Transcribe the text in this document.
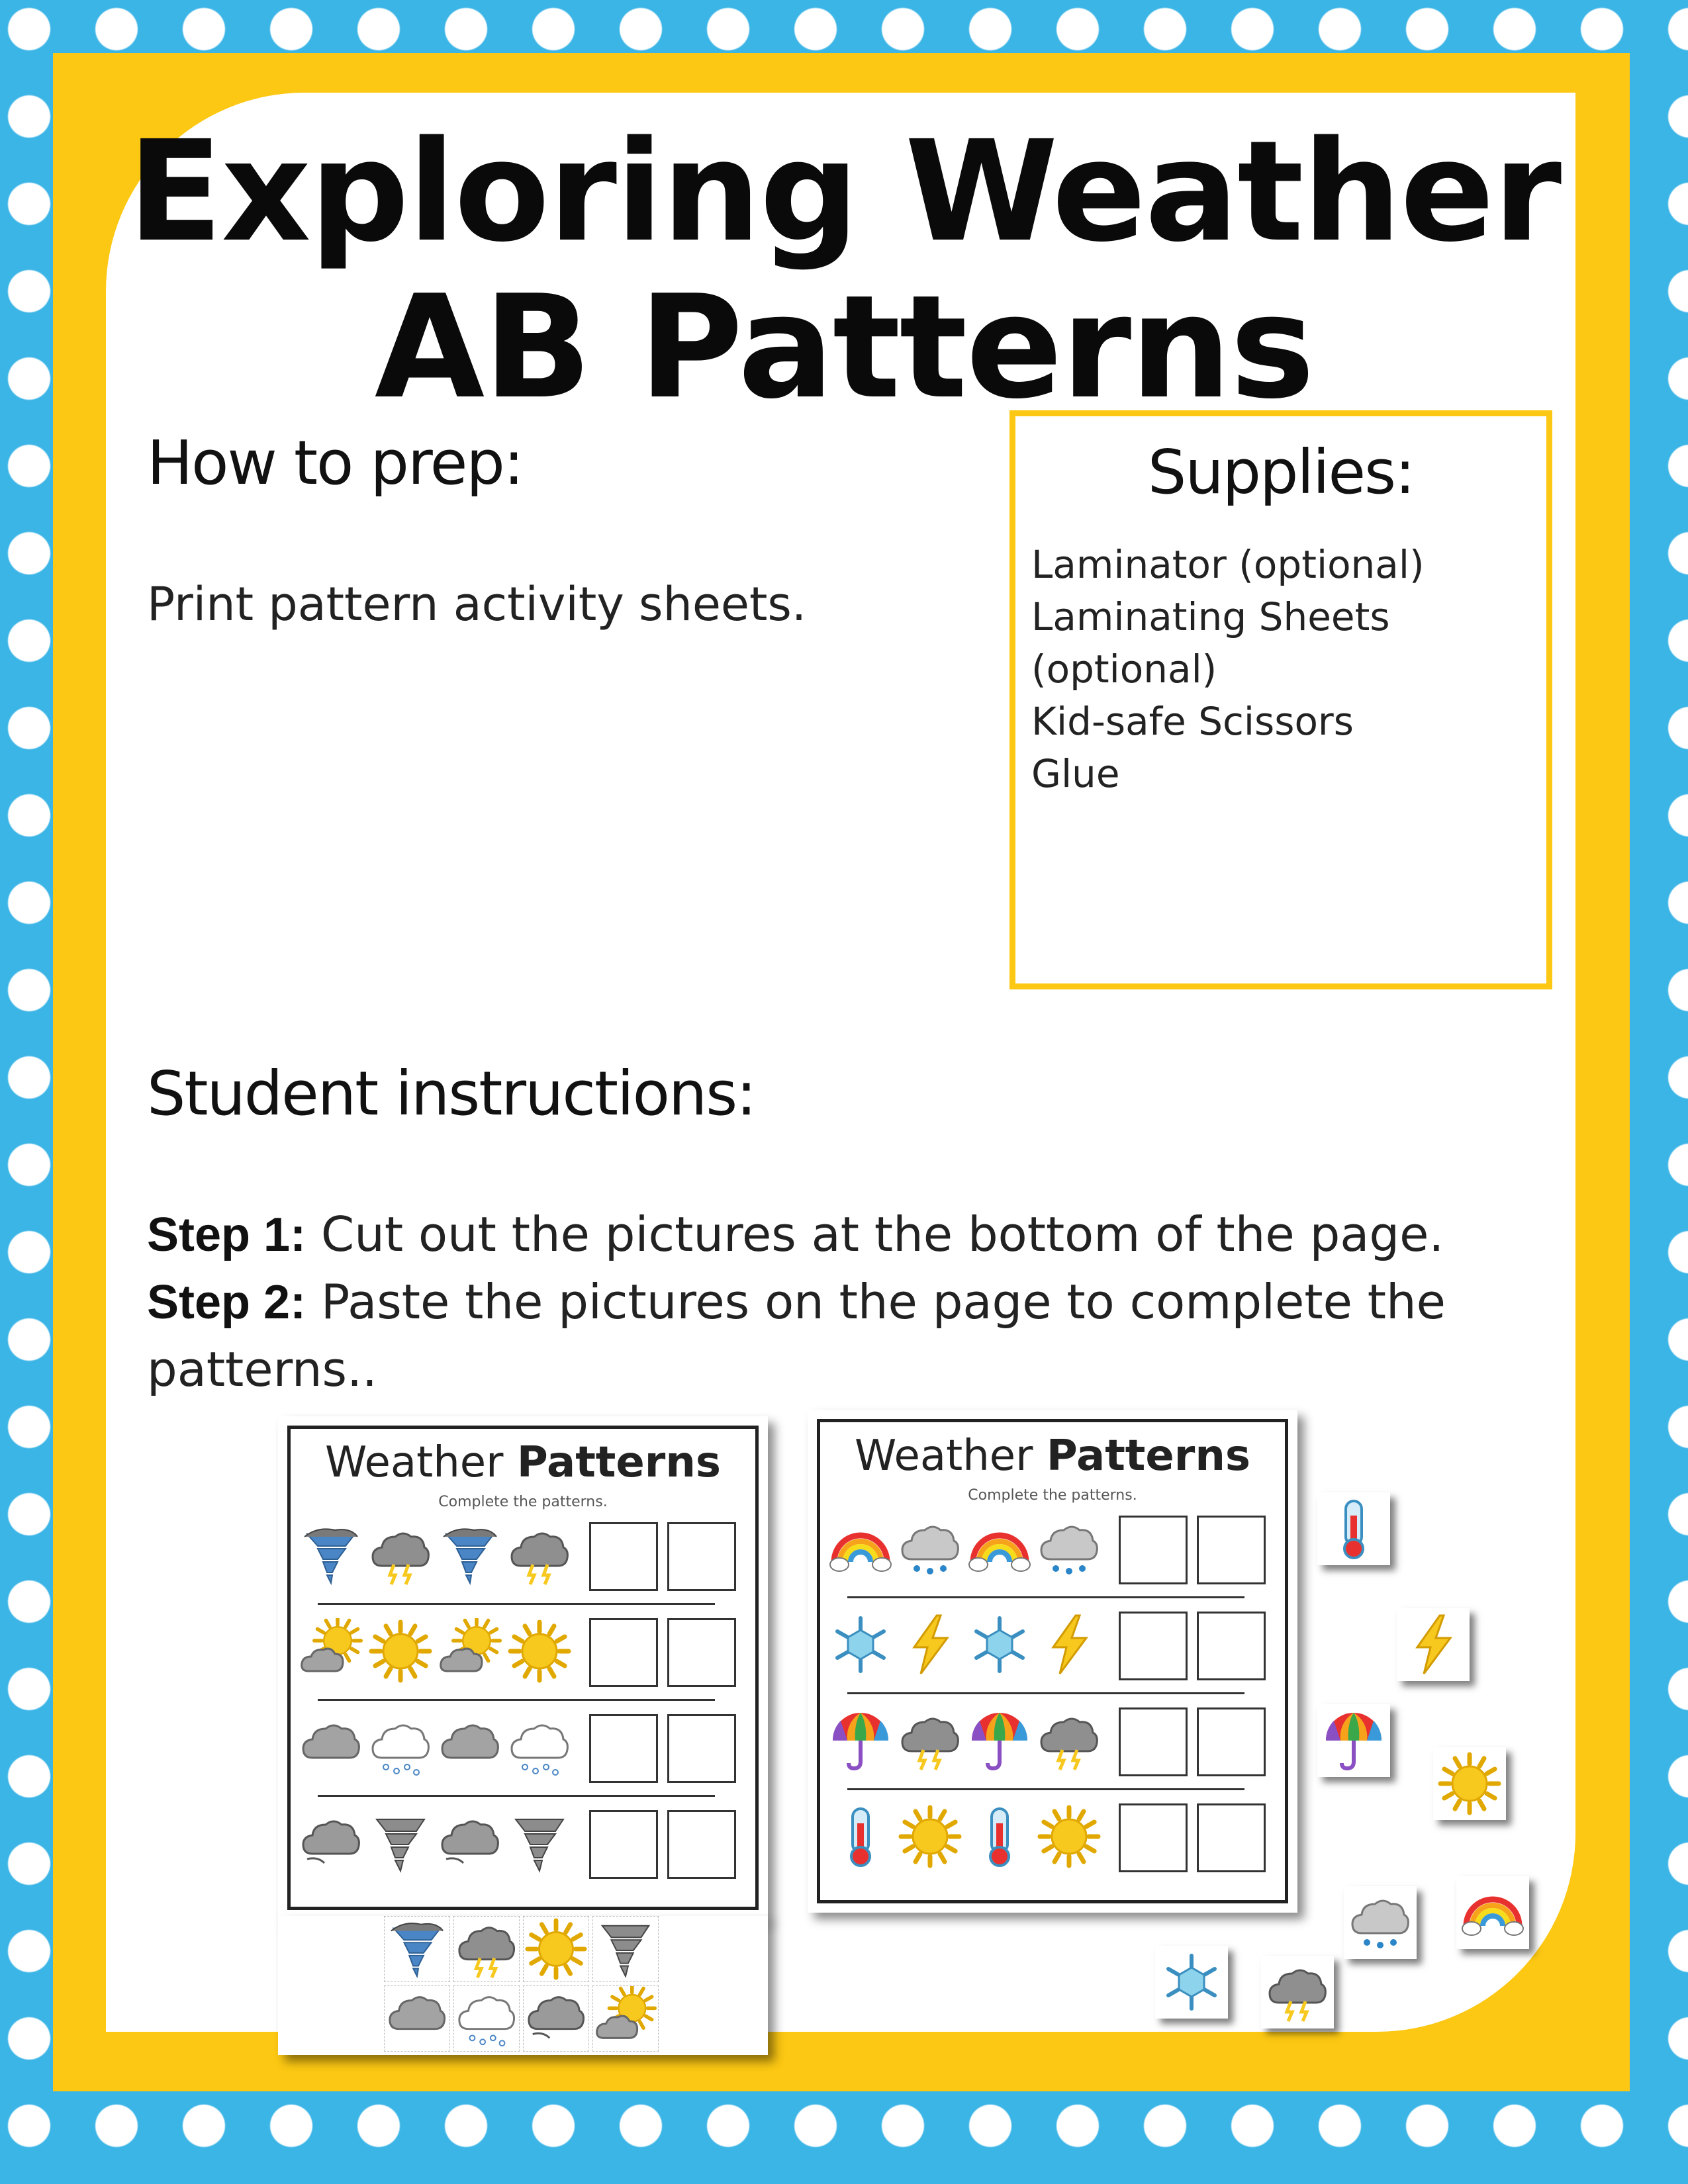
Exploring Weather
AB Patterns
How to prep:
Print pattern activity sheets.
Supplies:
Laminator (optional)
Laminating Sheets
(optional)
Kid-safe Scissors
Glue
Student instructions:
Step 1: Cut out the pictures at the bottom of the page.
Step 2: Paste the pictures on the page to complete the
patterns..
Weather Patterns
Complete the patterns.
Weather Patterns
Complete the patterns.
